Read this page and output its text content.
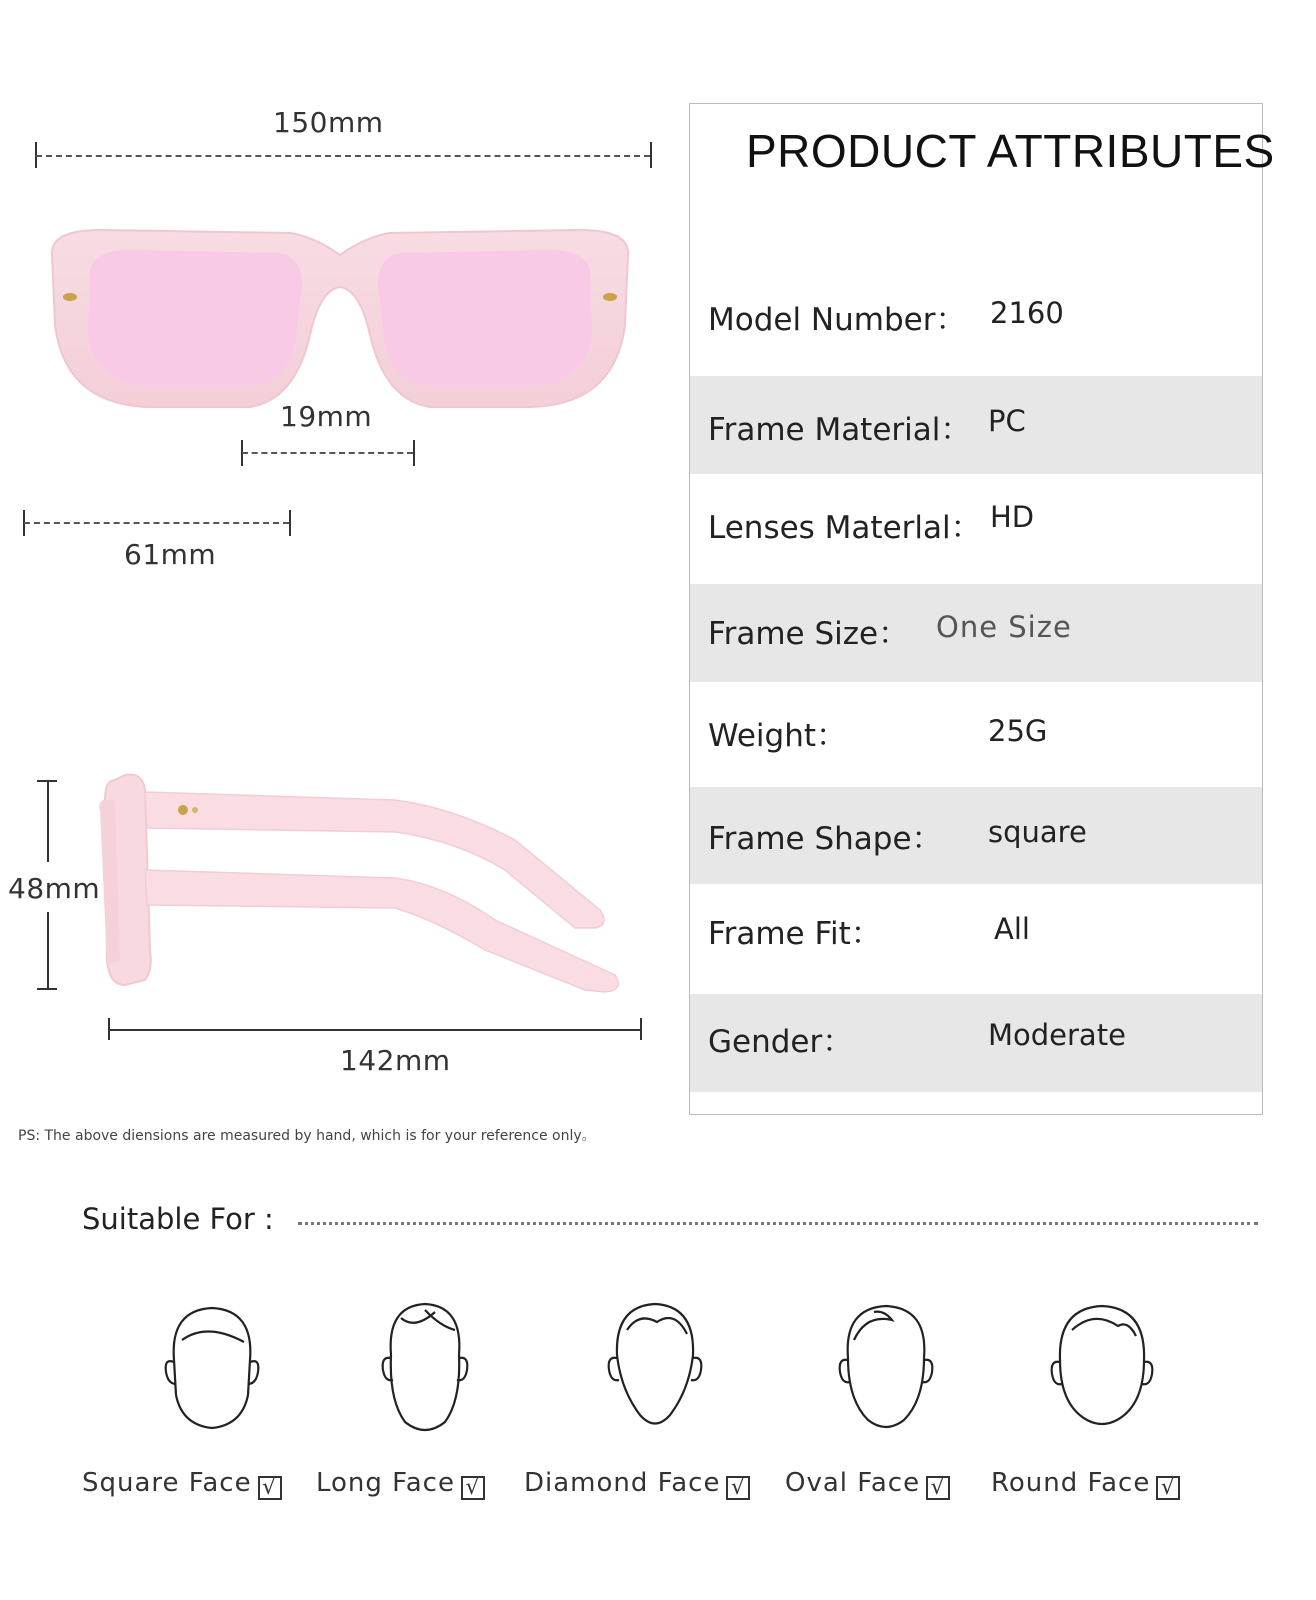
150mm
19mm
61mm
48mm
142mm
PS: The above diensions are measured by hand, which is for your reference only。
PRODUCT ATTRIBUTES
Model Number： 2160
Frame Material： PC
Lenses Materlal： HD
Frame Size： One Size
Weight：	25G
Frame Shape： square
Frame Fit：	All
Gender：	Moderate
Suitable For :
Square Face √ Long Face √ Diamond Face √ Oval Face √ Round Face √
